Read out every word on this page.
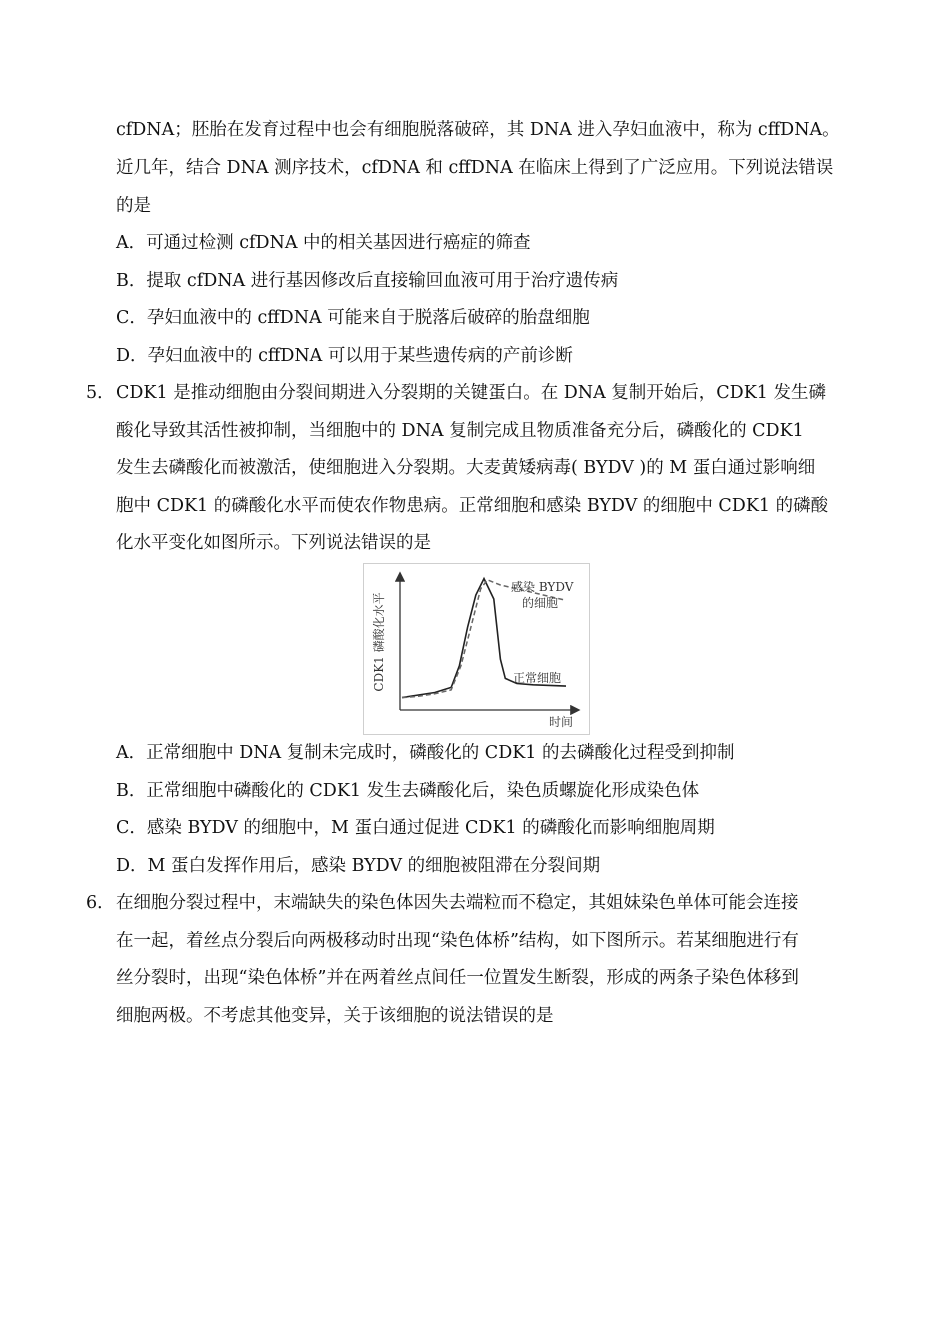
cfDNA；胚胎在发育过程中也会有细胞脱落破碎，其 DNA 进入孕妇血液中，称为 cffDNA。
近几年，结合 DNA 测序技术，cfDNA 和 cffDNA 在临床上得到了广泛应用。下列说法错误
的是
A．可通过检测 cfDNA 中的相关基因进行癌症的筛查
B．提取 cfDNA 进行基因修改后直接输回血液可用于治疗遗传病
C．孕妇血液中的 cffDNA 可能来自于脱落后破碎的胎盘细胞
D．孕妇血液中的 cffDNA 可以用于某些遗传病的产前诊断
5． CDK1 是推动细胞由分裂间期进入分裂期的关键蛋白。在 DNA 复制开始后，CDK1 发生磷
酸化导致其活性被抑制，当细胞中的 DNA 复制完成且物质准备充分后，磷酸化的 CDK1
发生去磷酸化而被激活，使细胞进入分裂期。大麦黄矮病毒( BYDV )的 M 蛋白通过影响细
胞中 CDK1 的磷酸化水平而使农作物患病。正常细胞和感染 BYDV 的细胞中 CDK1 的磷酸
化水平变化如图所示。下列说法错误的是
CDK1 磷酸化水平
时间
感染 BYDV
的细胞
正常细胞
A．正常细胞中 DNA 复制未完成时，磷酸化的 CDK1 的去磷酸化过程受到抑制
B．正常细胞中磷酸化的 CDK1 发生去磷酸化后，染色质螺旋化形成染色体
C．感染 BYDV 的细胞中，M 蛋白通过促进 CDK1 的磷酸化而影响细胞周期
D．M 蛋白发挥作用后，感染 BYDV 的细胞被阻滞在分裂间期
6． 在细胞分裂过程中，末端缺失的染色体因失去端粒而不稳定，其姐妹染色单体可能会连接
在一起，着丝点分裂后向两极移动时出现“染色体桥”结构，如下图所示。若某细胞进行有
丝分裂时，出现“染色体桥”并在两着丝点间任一位置发生断裂，形成的两条子染色体移到
细胞两极。不考虑其他变异，关于该细胞的说法错误的是
